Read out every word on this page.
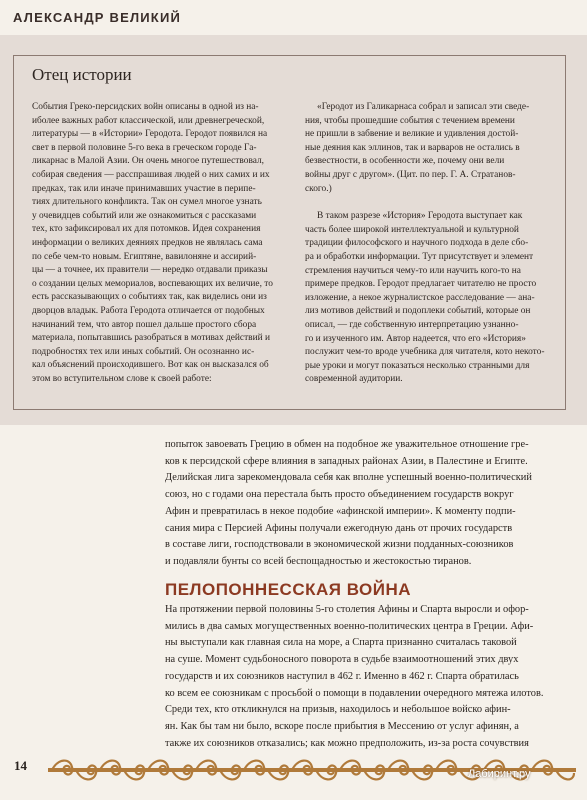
АЛЕКСАНДР ВЕЛИКИЙ
Отец истории

События Греко-персидских войн описаны в одной из на-

иболее важных работ классической, или древнегреческой,

литературы — в «Истории» Геродота. Геродот появился на

свет в первой половине 5-го века в греческом городе Га-

ликарнас в Малой Азии. Он очень многое путешествовал,

собирая сведения — расспрашивая людей о них самих и их

предках, так или иначе принимавших участие в перипе-

тиях длительного конфликта. Так он сумел многое узнать

у очевидцев событий или же ознакомиться с рассказами

тех, кто зафиксировал их для потомков. Идея сохранения

информации о великих деяниях предков не являлась сама

по себе чем-то новым. Египтяне, вавилоняне и ассирий-

цы — а точнее, их правители — нередко отдавали приказы

о создании целых мемориалов, воспевающих их величие, то

есть рассказывающих о событиях так, как виделись они из

дворцов владык. Работа Геродота отличается от подобных

начинаний тем, что автор пошел дальше простого сбора

материала, попытавшись разобраться в мотивах действий и

подробностях тех или иных событий. Он осознанно ис-

кал объяснений происходившего. Вот как он высказался об

этом во вступительном слове к своей работе:

«Геродот из Галикарнаса собрал и записал эти сведе-

ния, чтобы прошедшие события с течением времени

не пришли в забвение и великие и удивления достой-

ные деяния как эллинов, так и варваров не остались в

безвестности, в особенности же, почему они вели

войны друг с другом». (Цит. по пер. Г. А. Стратанов-

ского.)

В таком разрезе «История» Геродота выступает как

часть более широкой интеллектуальной и культурной

традиции философского и научного подхода в деле сбо-

ра и обработки информации. Тут присутствует и элемент

стремления научиться чему-то или научить кого-то на

примере предков. Геродот предлагает читателю не просто

изложение, а некое журналистское расследование — ана-

лиз мотивов действий и подоплеки событий, которые он

описал, — где собственную интерпретацию узнанно-

го и изученного им. Автор надеется, что его «История»

послужит чем-то вроде учебника для читателя, кото некото-

рые уроки и могут показаться несколько странными для

современной аудитории.

попыток завоевать Грецию в обмен на подобное же уважительное отношение гре-

ков к персидской сфере влияния в западных районах Азии, в Палестине и Египте.

Делийская лига зарекомендовала себя как вполне успешный военно-политический

союз, но с годами она перестала быть просто объединением государств вокруг

Афин и превратилась в некое подобие «афинской империи». К моменту подпи-

сания мира с Персией Афины получали ежегодную дань от прочих государств

в составе лиги, господствовали в экономической жизни подданных-союзников

и подавляли бунты со всей беспощадностью и жестокостью тиранов.

ПЕЛОПОННЕССКАЯ ВОЙНА

На протяжении первой половины 5-го столетия Афины и Спарта выросли и офор-

мились в два самых могущественных военно-политических центра в Греции. Афи-

ны выступали как главная сила на море, а Спарта признанно считалась таковой

на суше. Момент судьбоносного поворота в судьбе взаимоотношений этих двух

государств и их союзников наступил в 462 г. Именно в 462 г. Спарта обратилась

ко всем ее союзникам с просьбой о помощи в подавлении очередного мятежа илотов.

Среди тех, кто откликнулся на призыв, находилось и небольшое войско афин-

ян. Как бы там ни было, вскоре после прибытия в Мессению от услуг афинян, а

также их союзников отказались; как можно предположить, из-за роста сочувствия

14
Лабиринт.ру
